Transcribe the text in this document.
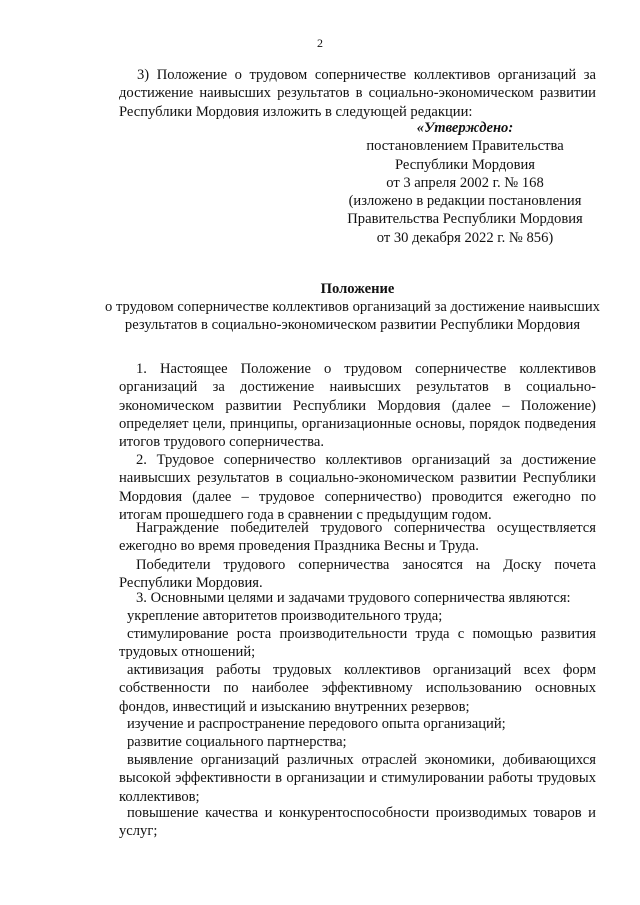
2

3) Положение о трудовом соперничестве коллективов организаций за достижение наивысших результатов в социально-экономическом развитии Республики Мордовия изложить в следующей редакции:

«Утверждено:
постановлением Правительства
Республики Мордовия
от 3 апреля 2002 г. № 168
(изложено в редакции постановления
Правительства Республики Мордовия
от 30 декабря 2022 г. № 856)

Положение

о трудовом соперничестве коллективов организаций за достижение наивысших результатов в социально-экономическом развитии Республики Мордовия

1. Настоящее Положение о трудовом соперничестве коллективов организаций за достижение наивысших результатов в социально-экономическом развитии Республики Мордовия (далее – Положение) определяет цели, принципы, организационные основы, порядок подведения итогов трудового соперничества.

2. Трудовое соперничество коллективов организаций за достижение наивысших результатов в социально-экономическом развитии Республики Мордовия (далее – трудовое соперничество) проводится ежегодно по итогам прошедшего года в сравнении с предыдущим годом.

Награждение победителей трудового соперничества осуществляется ежегодно во время проведения Праздника Весны и Труда.

Победители трудового соперничества заносятся на Доску почета Республики Мордовия.

3. Основными целями и задачами трудового соперничества являются:

укрепление авторитетов производительного труда;

стимулирование роста производительности труда с помощью развития трудовых отношений;

активизация работы трудовых коллективов организаций всех форм собственности по наиболее эффективному использованию основных фондов, инвестиций и изысканию внутренних резервов;

изучение и распространение передового опыта организаций;

развитие социального партнерства;

выявление организаций различных отраслей экономики, добивающихся высокой эффективности в организации и стимулировании работы трудовых коллективов;

повышение качества и конкурентоспособности производимых товаров и услуг;
